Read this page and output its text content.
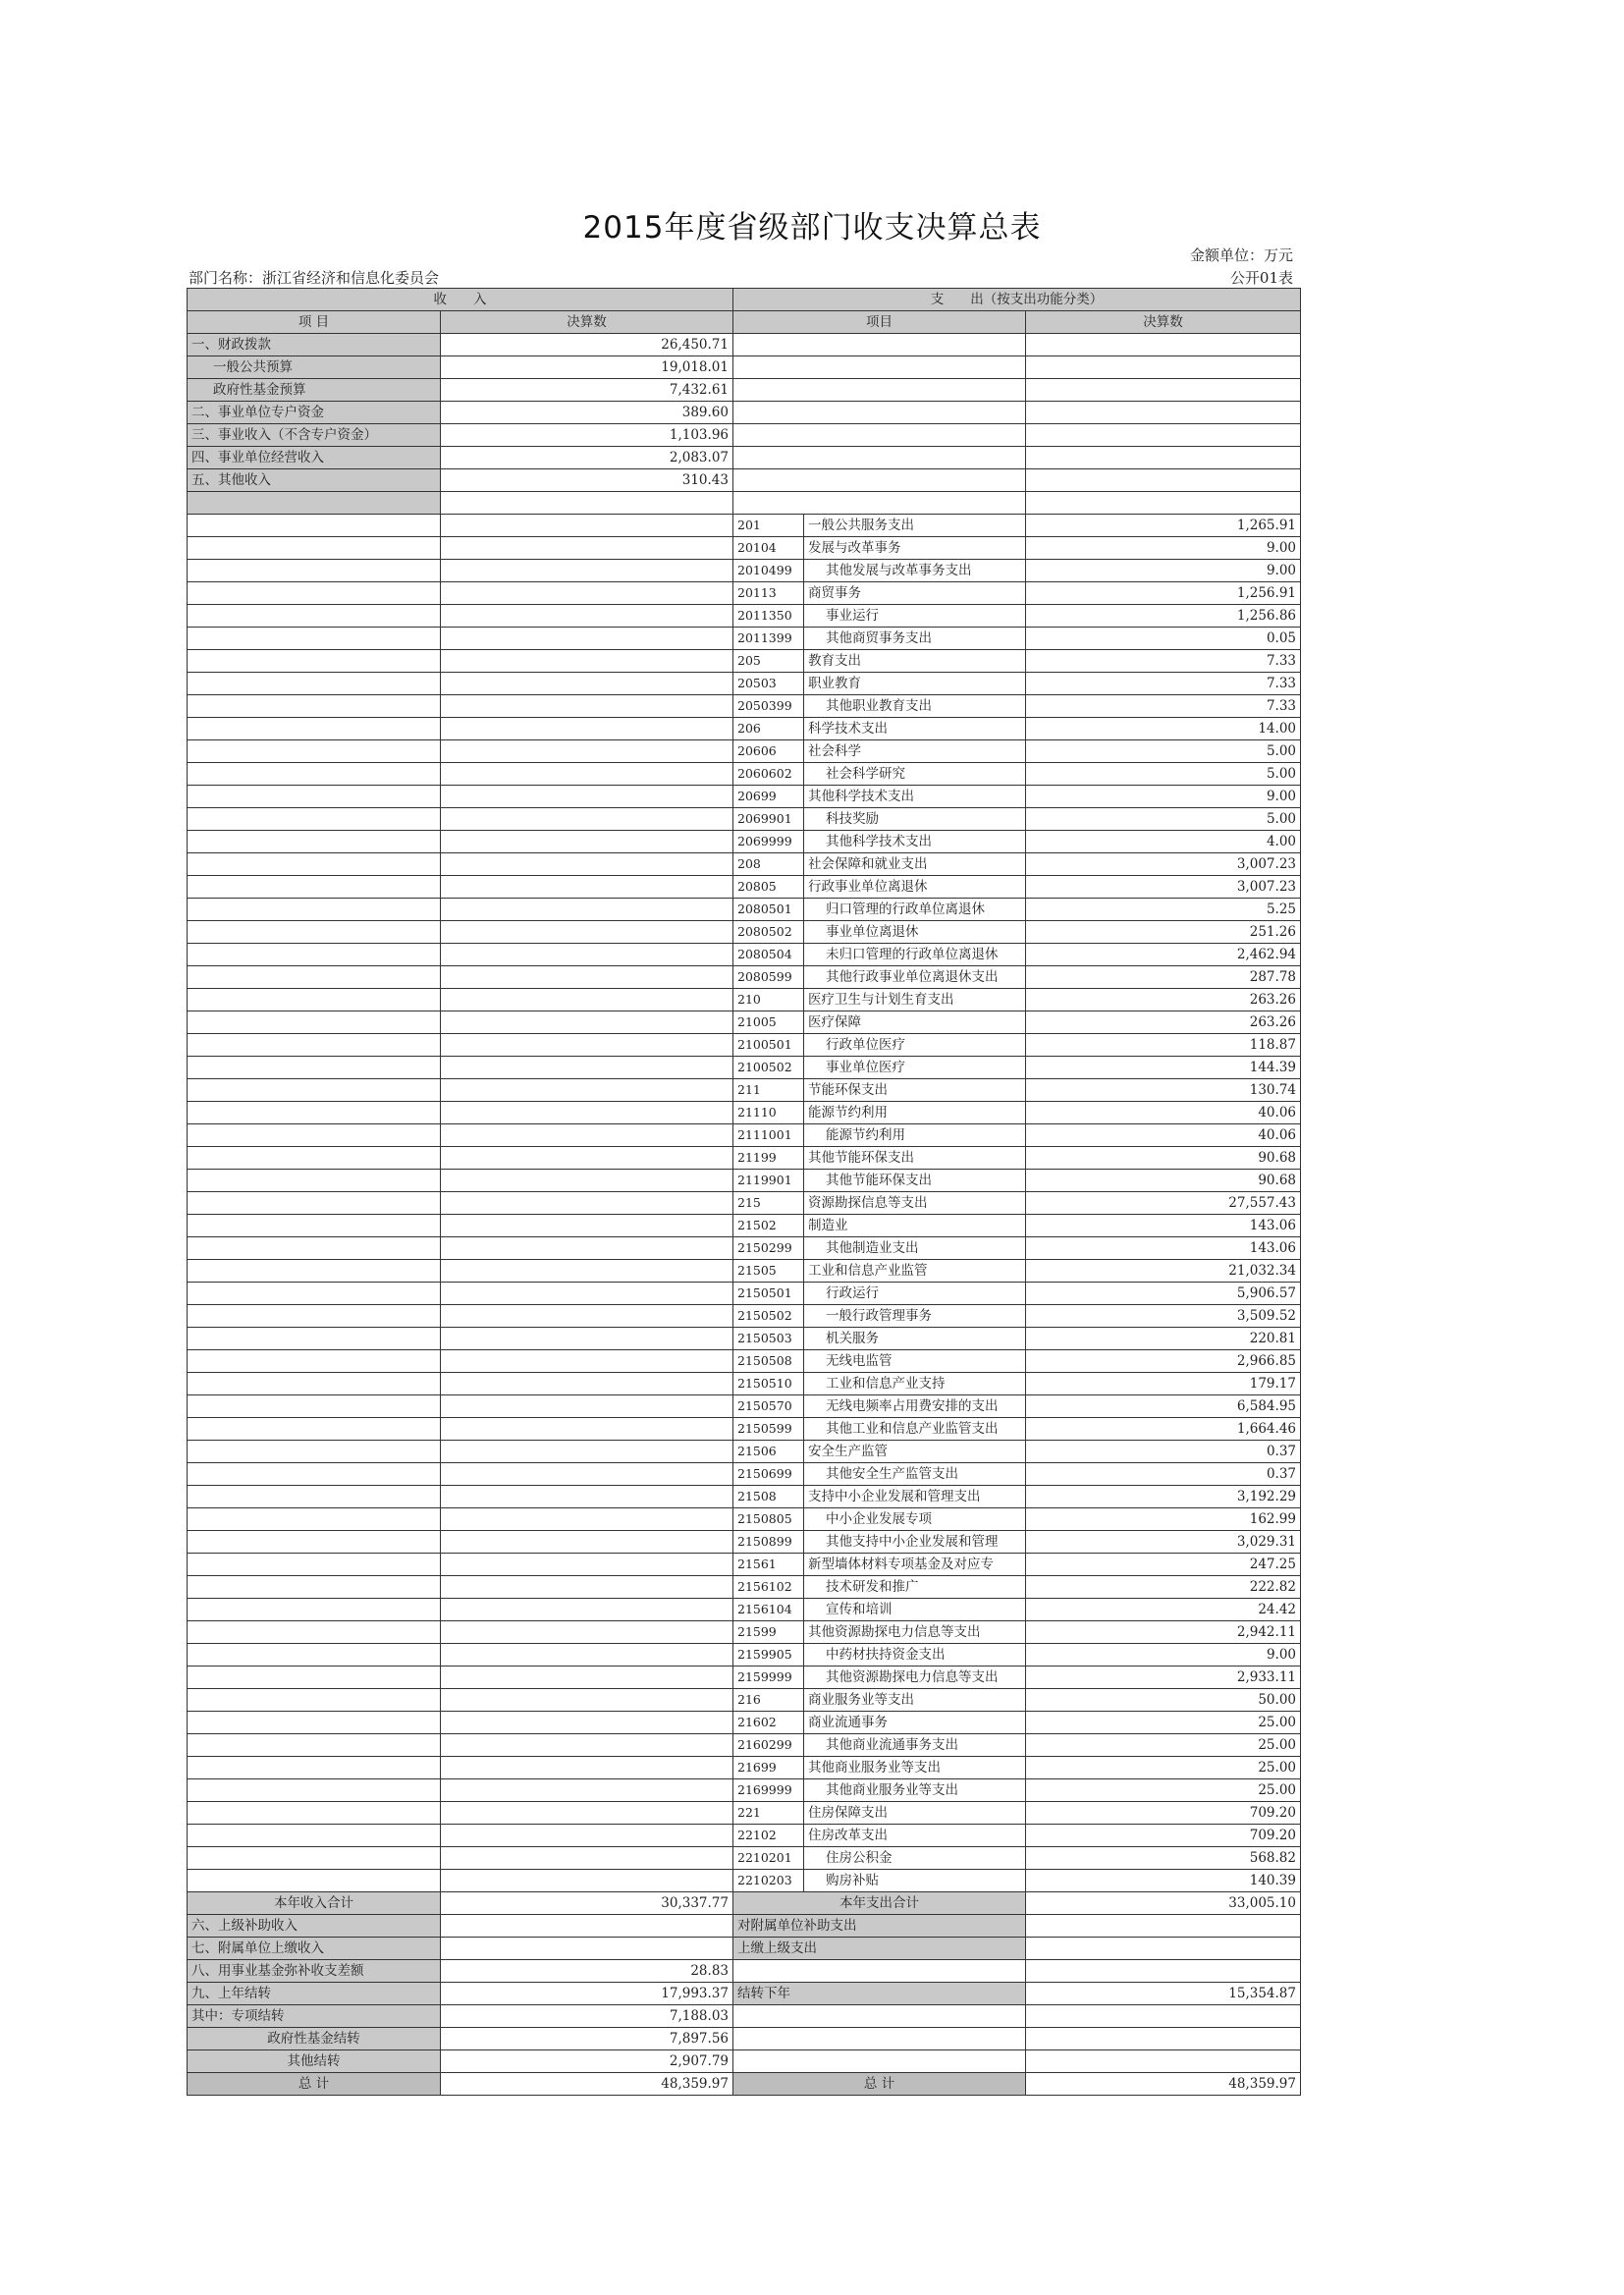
2015年度省级部门收支决算总表
金额单位：万元
部门名称：浙江省经济和信息化委员会	公开01表
收　　入		支　　出（按支出功能分类）		
项 目	决算数	项目		决算数
一、财政拨款	26,450.71			
一般公共预算	19,018.01			
政府性基金预算	7,432.61			
二、事业单位专户资金	389.60			
三、事业收入（不含专户资金）	1,103.96			
四、事业单位经营收入	2,083.07			
五、其他收入	310.43			

		201	一般公共服务支出	1,265.91
		20104	发展与改革事务	9.00
		2010499	其他发展与改革事务支出	9.00
		20113	商贸事务	1,256.91
		2011350	事业运行	1,256.86
		2011399	其他商贸事务支出	0.05
		205	教育支出	7.33
		20503	职业教育	7.33
		2050399	其他职业教育支出	7.33
		206	科学技术支出	14.00
		20606	社会科学	5.00
		2060602	社会科学研究	5.00
		20699	其他科学技术支出	9.00
		2069901	科技奖励	5.00
		2069999	其他科学技术支出	4.00
		208	社会保障和就业支出	3,007.23
		20805	行政事业单位离退休	3,007.23
		2080501	归口管理的行政单位离退休	5.25
		2080502	事业单位离退休	251.26
		2080504	未归口管理的行政单位离退休	2,462.94
		2080599	其他行政事业单位离退休支出	287.78
		210	医疗卫生与计划生育支出	263.26
		21005	医疗保障	263.26
		2100501	行政单位医疗	118.87
		2100502	事业单位医疗	144.39
		211	节能环保支出	130.74
		21110	能源节约利用	40.06
		2111001	能源节约利用	40.06
		21199	其他节能环保支出	90.68
		2119901	其他节能环保支出	90.68
		215	资源勘探信息等支出	27,557.43
		21502	制造业	143.06
		2150299	其他制造业支出	143.06
		21505	工业和信息产业监管	21,032.34
		2150501	行政运行	5,906.57
		2150502	一般行政管理事务	3,509.52
		2150503	机关服务	220.81
		2150508	无线电监管	2,966.85
		2150510	工业和信息产业支持	179.17
		2150570	无线电频率占用费安排的支出	6,584.95
		2150599	其他工业和信息产业监管支出	1,664.46
		21506	安全生产监管	0.37
		2150699	其他安全生产监管支出	0.37
		21508	支持中小企业发展和管理支出	3,192.29
		2150805	中小企业发展专项	162.99
		2150899	其他支持中小企业发展和管理	3,029.31
		21561	新型墙体材料专项基金及对应专	247.25
		2156102	技术研发和推广	222.82
		2156104	宣传和培训	24.42
		21599	其他资源勘探电力信息等支出	2,942.11
		2159905	中药材扶持资金支出	9.00
		2159999	其他资源勘探电力信息等支出	2,933.11
		216	商业服务业等支出	50.00
		21602	商业流通事务	25.00
		2160299	其他商业流通事务支出	25.00
		21699	其他商业服务业等支出	25.00
		2169999	其他商业服务业等支出	25.00
		221	住房保障支出	709.20
		22102	住房改革支出	709.20
		2210201	住房公积金	568.82
		2210203	购房补贴	140.39
本年收入合计	30,337.77	本年支出合计		33,005.10
六、上级补助收入		对附属单位补助支出		
七、附属单位上缴收入		上缴上级支出		
八、用事业基金弥补收支差额	28.83			
九、上年结转	17,993.37	结转下年		15,354.87
其中：专项结转	7,188.03			
政府性基金结转	7,897.56			
其他结转	2,907.79			
总 计	48,359.97	总 计		48,359.97
